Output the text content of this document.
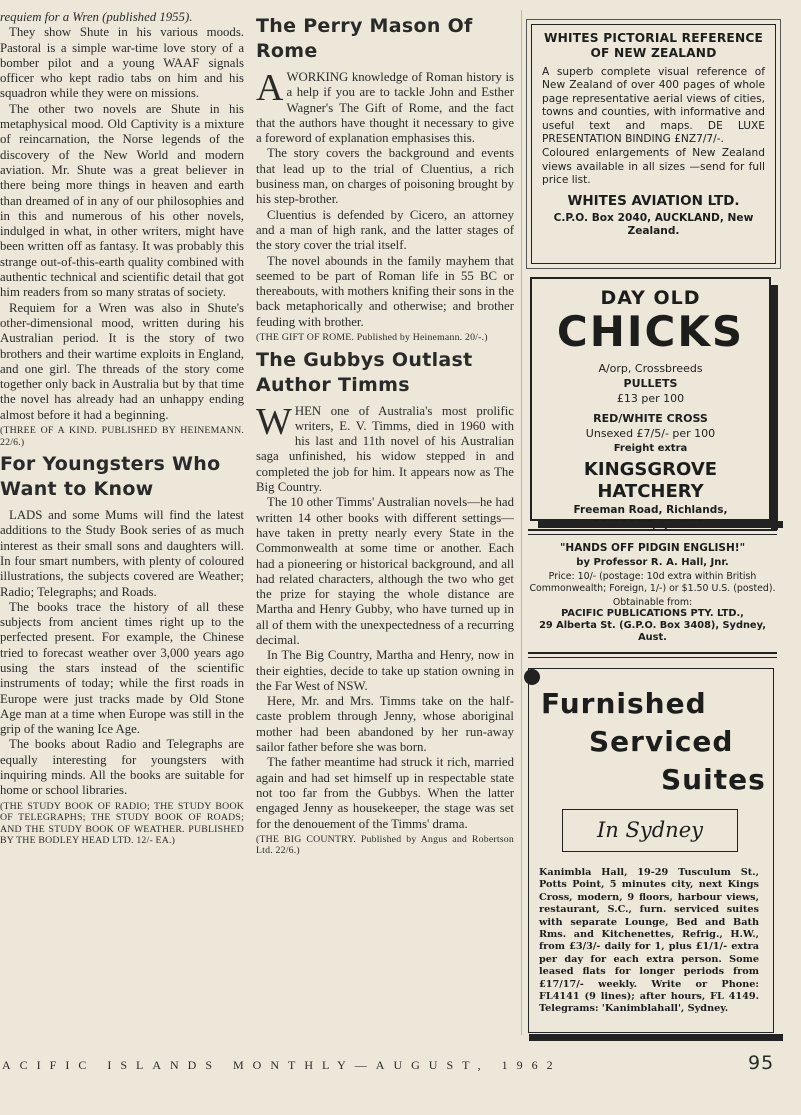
requiem for a Wren (published 1955).

They show Shute in his various moods. Pastoral is a simple war-time love story of a bomber pilot and a young WAAF signals officer who kept radio tabs on him and his squadron while they were on missions.

The other two novels are Shute in his metaphysical mood. Old Captivity is a mixture of reincarnation, the Norse legends of the discovery of the New World and modern aviation. Mr. Shute was a great believer in there being more things in heaven and earth than dreamed of in any of our philosophies and in this and numerous of his other novels, indulged in what, in other writers, might have been written off as fantasy. It was probably this strange out-of-this-earth quality combined with authentic technical and scientific detail that got him readers from so many stratas of society.

Requiem for a Wren was also in Shute's other-dimensional mood, written during his Australian period. It is the story of two brothers and their wartime exploits in England, and one girl. The threads of the story come together only back in Australia but by that time the novel has already had an unhappy ending almost before it had a beginning.

(THREE OF A KIND. PUBLISHED BY HEINEMANN. 22/6.)
For Youngsters Who Want to Know

LADS and some Mums will find the latest additions to the Study Book series of as much interest as their small sons and daughters will. In four smart numbers, with plenty of coloured illustrations, the subjects covered are Weather; Radio; Telegraphs; and Roads.

The books trace the history of all these subjects from ancient times right up to the perfected present. For example, the Chinese tried to forecast weather over 3,000 years ago using the stars instead of the scientific instruments of today; while the first roads in Europe were just tracks made by Old Stone Age man at a time when Europe was still in the grip of the waning Ice Age.

The books about Radio and Telegraphs are equally interesting for youngsters with inquiring minds. All the books are suitable for home or school libraries.

(THE STUDY BOOK OF RADIO; THE STUDY BOOK OF TELEGRAPHS; THE STUDY BOOK OF ROADS; AND THE STUDY BOOK OF WEATHER. PUBLISHED BY THE BODLEY HEAD LTD. 12/- EA.)
The Perry Mason Of Rome

AWORKING knowledge of Roman history is a help if you are to tackle John and Esther Wagner's The Gift of Rome, and the fact that the authors have thought it necessary to give a foreword of explanation emphasises this.

The story covers the background and events that lead up to the trial of Cluentius, a rich business man, on charges of poisoning brought by his step-brother.

Cluentius is defended by Cicero, an attorney and a man of high rank, and the latter stages of the story cover the trial itself.

The novel abounds in the family mayhem that seemed to be part of Roman life in 55 BC or thereabouts, with mothers knifing their sons in the back metaphorically and otherwise; and brother feuding with brother.

(THE GIFT OF ROME. Published by Heinemann. 20/-.)
The Gubbys Outlast Author Timms

WHEN one of Australia's most prolific writers, E. V. Timms, died in 1960 with his last and 11th novel of his Australian saga unfinished, his widow stepped in and completed the job for him. It appears now as The Big Country.

The 10 other Timms' Australian novels—he had written 14 other books with different settings—have taken in pretty nearly every State in the Commonwealth at some time or another. Each had a pioneering or historical background, and all had related characters, although the two who get the prize for staying the whole distance are Martha and Henry Gubby, who have turned up in all of them with the unexpectedness of a recurring decimal.

In The Big Country, Martha and Henry, now in their eighties, decide to take up station owning in the Far West of NSW.

Here, Mr. and Mrs. Timms take on the half-caste problem through Jenny, whose aboriginal mother had been abandoned by her run-away sailor father before she was born.

The father meantime had struck it rich, married again and had set himself up in respectable state not too far from the Gubbys. When the latter engaged Jenny as housekeeper, the stage was set for the denouement of the Timms' drama.

(THE BIG COUNTRY. Published by Angus and Robertson Ltd. 22/6.)
WHITES PICTORIAL REFERENCE OF NEW ZEALAND
A superb complete visual reference of New Zealand of over 400 pages of whole page representative aerial views of cities, towns and counties, with informative and useful text and maps. DE LUXE PRESENTATION BINDING £NZ7/7/-.
Coloured enlargements of New Zealand views available in all sizes —send for full price list.
WHITES AVIATION LTD.
C.P.O. Box 2040, AUCKLAND, New Zealand.
DAY OLD
CHICKS
A/orp, Crossbreeds
PULLETS
£13 per 100
RED/WHITE CROSS
Unsexed £7/5/- per 100
Freight extra
KINGSGROVE HATCHERY
Freeman Road, Richlands,
"HANDS OFF PIDGIN ENGLISH!"
by Professor R. A. Hall, Jnr.
Price: 10/- (postage: 10d extra within British Commonwealth; Foreign, 1/-) or $1.50 U.S. (posted).
Obtainable from:
PACIFIC PUBLICATIONS PTY. LTD.,
29 Alberta St. (G.P.O. Box 3408), Sydney, Aust.
Furnished
Serviced
Suites
In Sydney
Kanimbla Hall, 19-29 Tusculum St., Potts Point, 5 minutes city, next Kings Cross, modern, 9 floors, harbour views, restaurant, S.C., furn. serviced suites with separate Lounge, Bed and Bath Rms. and Kitchenettes, Refrig., H.W., from £3/3/- daily for 1, plus £1/1/- extra per day for each extra person. Some leased flats for longer periods from £17/17/- weekly. Write or Phone: FL4141 (9 lines); after hours, FL 4149. Telegrams: 'Kanimblahall', Sydney.
ACIFIC ISLANDS MONTHLY—AUGUST, 1962	95
